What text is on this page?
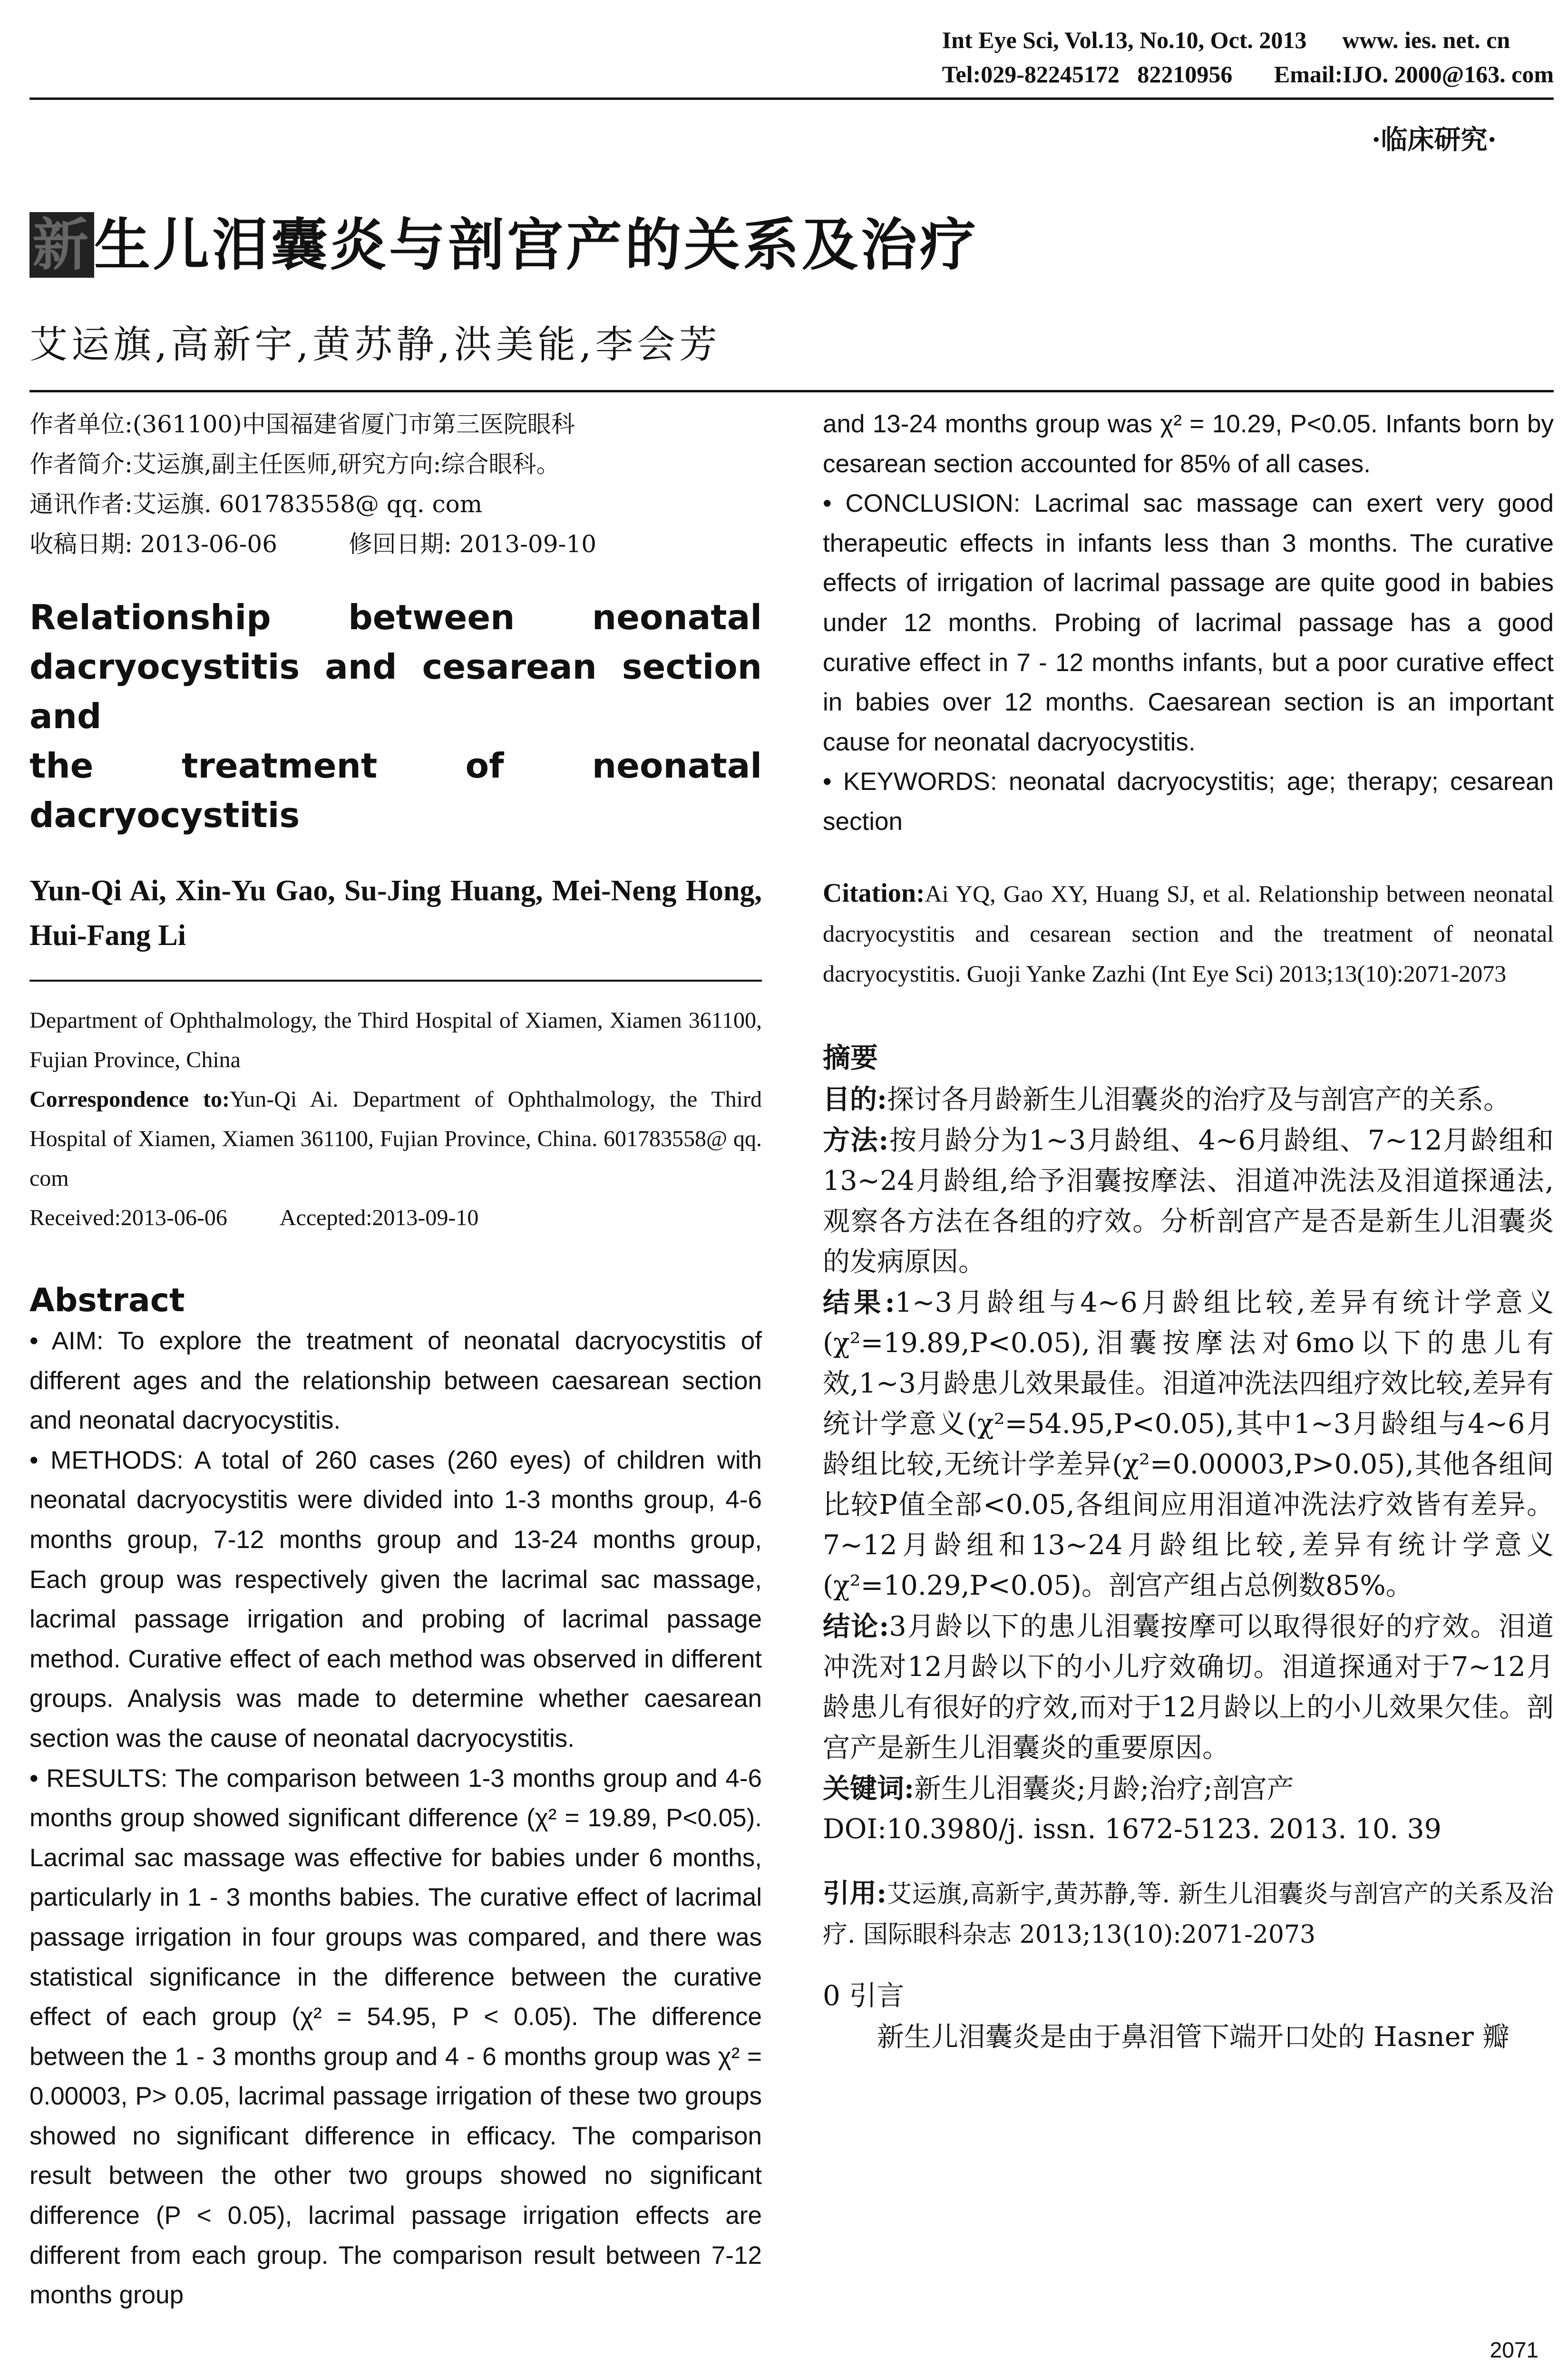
Int Eye Sci, Vol.13, No.10, Oct. 2013      www. ies. net. cn
Tel:029-82245172   82210956       Email:IJO. 2000@163. com
·临床研究·
新生儿泪囊炎与剖宫产的关系及治疗
艾运旗,高新宇,黄苏静,洪美能,李会芳
作者单位:(361100)中国福建省厦门市第三医院眼科
作者简介:艾运旗,副主任医师,研究方向:综合眼科。
通讯作者:艾运旗. 601783558@ qq. com
收稿日期: 2013-06-06	修回日期: 2013-09-10
Relationship between neonatal dacryocystitis and cesarean section and
the treatment of neonatal dacryocystitis
Yun-Qi Ai, Xin-Yu Gao, Su-Jing Huang, Mei-Neng Hong, Hui-Fang Li
Department of Ophthalmology, the Third Hospital of Xiamen, Xiamen 361100, Fujian Province, China
Correspondence to:Yun-Qi Ai. Department of Ophthalmology, the Third Hospital of Xiamen, Xiamen 361100, Fujian Province, China. 601783558@ qq. com
Received:2013-06-06 Accepted:2013-09-10
Abstract
• AIM: To explore the treatment of neonatal dacryocystitis of different ages and the relationship between caesarean section and neonatal dacryocystitis.
• METHODS: A total of 260 cases (260 eyes) of children with neonatal dacryocystitis were divided into 1-3 months group, 4-6 months group, 7-12 months group and 13-24 months group, Each group was respectively given the lacrimal sac massage, lacrimal passage irrigation and probing of lacrimal passage method. Curative effect of each method was observed in different groups. Analysis was made to determine whether caesarean section was the cause of neonatal dacryocystitis.
• RESULTS: The comparison between 1-3 months group and 4-6 months group showed significant difference (χ² = 19.89, P<0.05). Lacrimal sac massage was effective for babies under 6 months, particularly in 1 - 3 months babies. The curative effect of lacrimal passage irrigation in four groups was compared, and there was statistical significance in the difference between the curative effect of each group (χ² = 54.95, P < 0.05). The difference between the 1 - 3 months group and 4 - 6 months group was χ² = 0.00003, P> 0.05, lacrimal passage irrigation of these two groups showed no significant difference in efficacy. The comparison result between the other two groups showed no significant difference (P < 0.05), lacrimal passage irrigation effects are different from each group. The comparison result between 7-12 months group
and 13-24 months group was χ² = 10.29, P<0.05. Infants born by cesarean section accounted for 85% of all cases.
• CONCLUSION: Lacrimal sac massage can exert very good therapeutic effects in infants less than 3 months. The curative effects of irrigation of lacrimal passage are quite good in babies under 12 months. Probing of lacrimal passage has a good curative effect in 7 - 12 months infants, but a poor curative effect in babies over 12 months. Caesarean section is an important cause for neonatal dacryocystitis.
• KEYWORDS: neonatal dacryocystitis; age; therapy; cesarean section
Citation:Ai YQ, Gao XY, Huang SJ, et al. Relationship between neonatal dacryocystitis and cesarean section and the treatment of neonatal dacryocystitis. Guoji Yanke Zazhi (Int Eye Sci) 2013;13(10):2071-2073
摘要
目的:探讨各月龄新生儿泪囊炎的治疗及与剖宫产的关系。
方法:按月龄分为1~3月龄组、4~6月龄组、7~12月龄组和13~24月龄组,给予泪囊按摩法、泪道冲洗法及泪道探通法,观察各方法在各组的疗效。分析剖宫产是否是新生儿泪囊炎的发病原因。
结果:1~3月龄组与4~6月龄组比较,差异有统计学意义(χ²=19.89,P<0.05),泪囊按摩法对6mo以下的患儿有效,1~3月龄患儿效果最佳。泪道冲洗法四组疗效比较,差异有统计学意义(χ²=54.95,P<0.05),其中1~3月龄组与4~6月龄组比较,无统计学差异(χ²=0.00003,P>0.05),其他各组间比较P值全部<0.05,各组间应用泪道冲洗法疗效皆有差异。7~12月龄组和13~24月龄组比较,差异有统计学意义(χ²=10.29,P<0.05)。剖宫产组占总例数85%。
结论:3月龄以下的患儿泪囊按摩可以取得很好的疗效。泪道冲洗对12月龄以下的小儿疗效确切。泪道探通对于7~12月龄患儿有很好的疗效,而对于12月龄以上的小儿效果欠佳。剖宫产是新生儿泪囊炎的重要原因。
关键词:新生儿泪囊炎;月龄;治疗;剖宫产
DOI:10.3980/j. issn. 1672-5123. 2013. 10. 39
引用:艾运旗,高新宇,黄苏静,等. 新生儿泪囊炎与剖宫产的关系及治疗. 国际眼科杂志 2013;13(10):2071-2073
0 引言
新生儿泪囊炎是由于鼻泪管下端开口处的 Hasner 瓣
2071
